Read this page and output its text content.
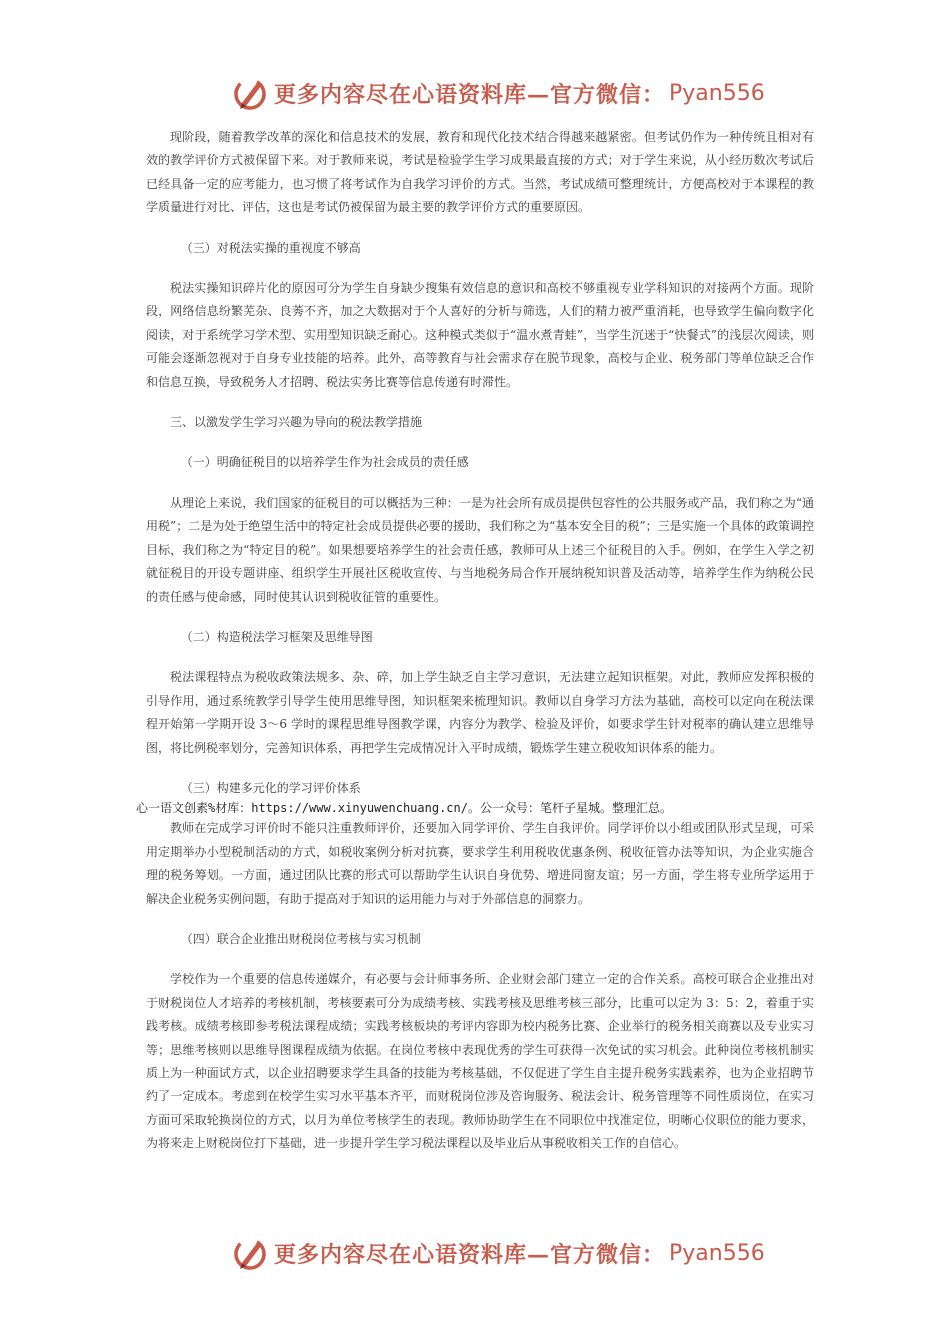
更多内容尽在心语资料库—官方微信： Pyan556

现阶段，随着教学改革的深化和信息技术的发展，教育和现代化技术结合得越来越紧密。但考试仍作为一种传统且相对有效的教学评价方式被保留下来。对于教师来说，考试是检验学生学习成果最直接的方式；对于学生来说，从小经历数次考试后已经具备一定的应考能力，也习惯了将考试作为自我学习评价的方式。当然，考试成绩可整理统计，方便高校对于本课程的教学质量进行对比、评估，这也是考试仍被保留为最主要的教学评价方式的重要原因。

（三）对税法实操的重视度不够高

税法实操知识碎片化的原因可分为学生自身缺少搜集有效信息的意识和高校不够重视专业学科知识的对接两个方面。现阶段，网络信息纷繁芜杂、良莠不齐，加之大数据对于个人喜好的分析与筛选，人们的精力被严重消耗，也导致学生偏向数字化阅读，对于系统学习学术型、实用型知识缺乏耐心。这种模式类似于“温水煮青蛙”，当学生沉迷于“快餐式”的浅层次阅读，则可能会逐渐忽视对于自身专业技能的培养。此外，高等教育与社会需求存在脱节现象，高校与企业、税务部门等单位缺乏合作和信息互换，导致税务人才招聘、税法实务比赛等信息传递有时滞性。

三、以激发学生学习兴趣为导向的税法教学措施
（一）明确征税目的以培养学生作为社会成员的责任感

从理论上来说，我们国家的征税目的可以概括为三种：一是为社会所有成员提供包容性的公共服务或产品，我们称之为“通用税”；二是为处于绝望生活中的特定社会成员提供必要的援助，我们称之为“基本安全目的税”；三是实施一个具体的政策调控目标，我们称之为“特定目的税”。如果想要培养学生的社会责任感，教师可从上述三个征税目的入手。例如，在学生入学之初就征税目的开设专题讲座、组织学生开展社区税收宣传、与当地税务局合作开展纳税知识普及活动等，培养学生作为纳税公民的责任感与使命感，同时使其认识到税收征管的重要性。

（二）构造税法学习框架及思维导图

税法课程特点为税收政策法规多、杂、碎，加上学生缺乏自主学习意识，无法建立起知识框架。对此，教师应发挥积极的引导作用，通过系统教学引导学生使用思维导图，知识框架来梳理知识。教师以自身学习方法为基础，高校可以定向在税法课程开始第一学期开设 3～6 学时的课程思维导图教学课，内容分为教学、检验及评价，如要求学生针对税率的确认建立思维导图，将比例税率划分，完善知识体系，再把学生完成情况计入平时成绩，锻炼学生建立税收知识体系的能力。

（三）构建多元化的学习评价体系
心一语文创素%材库：https://www.xinyuwenchuang.cn/。公一众号：笔杆子星城。整理汇总。

教师在完成学习评价时不能只注重教师评价，还要加入同学评价、学生自我评价。同学评价以小组或团队形式呈现，可采用定期举办小型税制活动的方式，如税收案例分析对抗赛，要求学生利用税收优惠条例、税收征管办法等知识，为企业实施合理的税务筹划。一方面，通过团队比赛的形式可以帮助学生认识自身优势、增进同窗友谊；另一方面，学生将专业所学运用于解决企业税务实例问题，有助于提高对于知识的运用能力与对于外部信息的洞察力。

（四）联合企业推出财税岗位考核与实习机制

学校作为一个重要的信息传递媒介，有必要与会计师事务所、企业财会部门建立一定的合作关系。高校可联合企业推出对于财税岗位人才培养的考核机制，考核要素可分为成绩考核、实践考核及思维考核三部分，比重可以定为 3：5：2，着重于实践考核。成绩考核即参考税法课程成绩；实践考核板块的考评内容即为校内税务比赛、企业举行的税务相关商赛以及专业实习等；思维考核则以思维导图课程成绩为依据。在岗位考核中表现优秀的学生可获得一次免试的实习机会。此种岗位考核机制实质上为一种面试方式，以企业招聘要求学生具备的技能为考核基础，不仅促进了学生自主提升税务实践素养，也为企业招聘节约了一定成本。考虑到在校学生实习水平基本齐平，而财税岗位涉及咨询服务、税法会计、税务管理等不同性质岗位，在实习方面可采取轮换岗位的方式，以月为单位考核学生的表现。教师协助学生在不同职位中找准定位，明晰心仪职位的能力要求，为将来走上财税岗位打下基础，进一步提升学生学习税法课程以及毕业后从事税收相关工作的自信心。

更多内容尽在心语资料库—官方微信： Pyan556
